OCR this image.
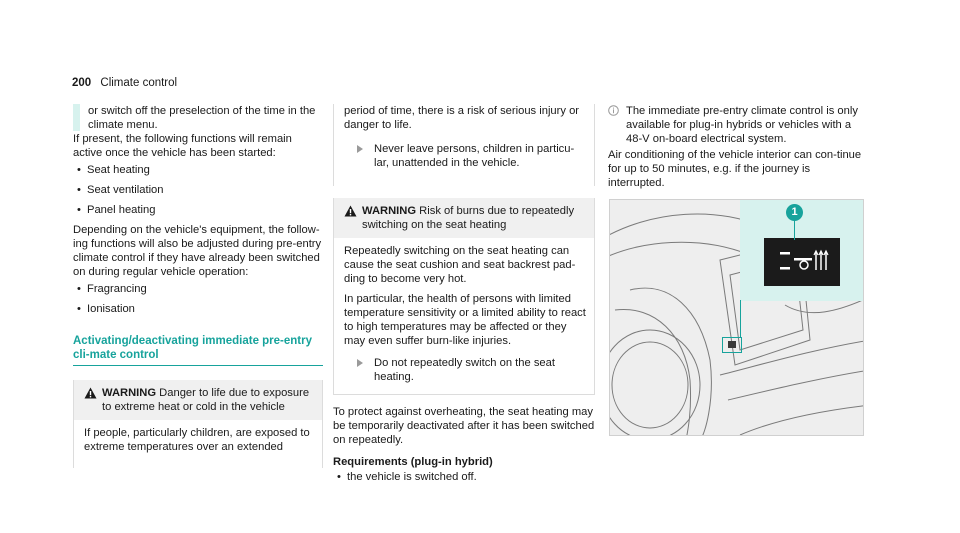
200 Climate control

or switch off the preselection of the time in the climate menu.

If present, the following functions will remain active once the vehicle has been started:

• Seat heating
• Seat ventilation
• Panel heating

Depending on the vehicle's equipment, the follow-ing functions will also be adjusted during pre-entry climate control if they have already been switched on during regular vehicle operation:

• Fragrancing
• Ionisation
Activating/deactivating immediate pre-entry cli-mate control
WARNING Danger to life due to exposure to extreme heat or cold in the vehicle

If people, particularly children, are exposed to extreme temperatures over an extended

period of time, there is a risk of serious injury or danger to life.

Never leave persons, children in particu-lar, unattended in the vehicle.
WARNING Risk of burns due to repeatedly switching on the seat heating

Repeatedly switching on the seat heating can cause the seat cushion and seat backrest pad-ding to become very hot.

In particular, the health of persons with limited temperature sensitivity or a limited ability to react to high temperatures may be affected or they may even suffer burn-like injuries.

Do not repeatedly switch on the seat heating.

To protect against overheating, the seat heating may be temporarily deactivated after it has been switched on repeatedly.

Requirements (plug-in hybrid)
• the vehicle is switched off.

The immediate pre-entry climate control is only available for plug-in hybrids or vehicles with a 48-V on-board electrical system.

Air conditioning of the vehicle interior can con-tinue for up to 50 minutes, e.g. if the journey is interrupted.

1
